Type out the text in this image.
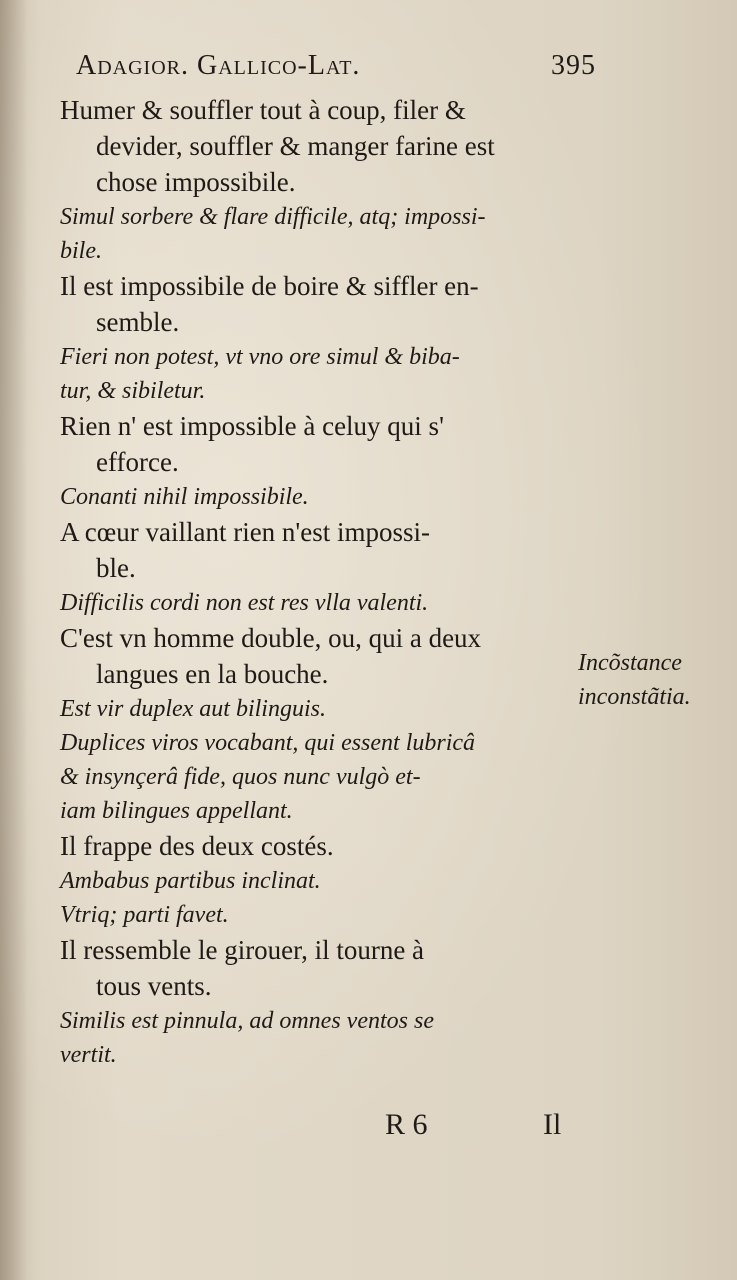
Adagior. Gallico-Lat.	395
Humer & souffler tout à coup, filer &
devider, souffler & manger farine est
chose impossibile.
Simul sorbere & flare difficile, atq; impossi-
bile.
Il est impossibile de boire & siffler en-
semble.
Fieri non potest, vt vno ore simul & biba-
tur, & sibiletur.
Rien n' est impossible à celuy qui s'
efforce.
Conanti nihil impossibile.
A cœur vaillant rien n'est impossi-
ble.
Difficilis cordi non est res vlla valenti.
C'est vn homme double, ou, qui a deux
langues en la bouche.
Est vir duplex aut bilinguis.
Duplices viros vocabant, qui essent lubricâ
& insynçerâ fide, quos nunc vulgò et-
iam bilingues appellant.
Il frappe des deux costés.
Ambabus partibus inclinat.
Vtriq; parti favet.
Il ressemble le girouer, il tourne à
tous vents.
Similis est pinnula, ad omnes ventos se
vertit.
Incõstance
inconstãtia.
R 6	Il
